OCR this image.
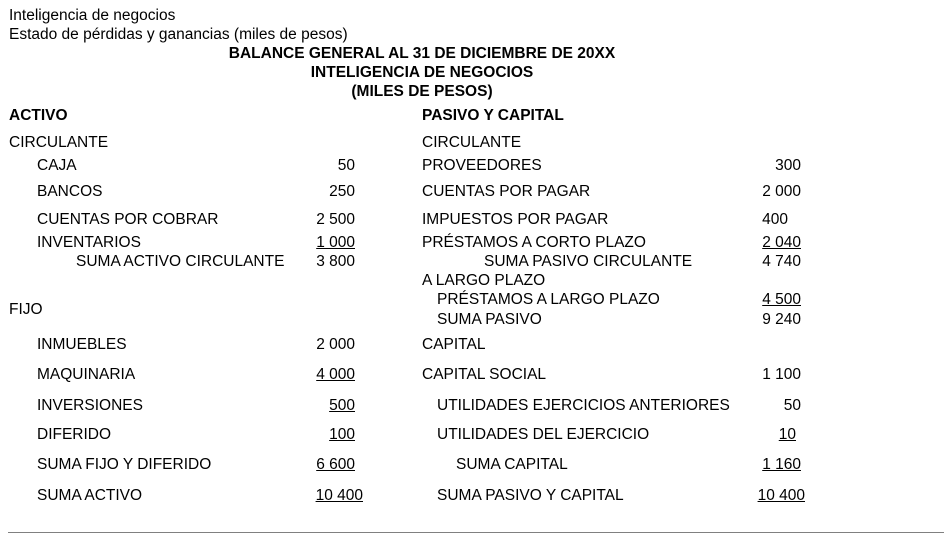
Inteligencia de negocios
Estado de pérdidas y ganancias (miles de pesos)
BALANCE GENERAL AL 31 DE DICIEMBRE DE 20XX
INTELIGENCIA DE NEGOCIOS
(MILES DE PESOS)
ACTIVO
CIRCULANTE
CAJA	50
BANCOS	250
CUENTAS POR COBRAR	2 500
INVENTARIOS	1 000
SUMA ACTIVO CIRCULANTE 3 800
FIJO
INMUEBLES	2 000
MAQUINARIA	4 000
INVERSIONES	500
DIFERIDO	100
SUMA FIJO Y DIFERIDO	6 600
SUMA ACTIVO	10 400
PASIVO Y CAPITAL
CIRCULANTE
PROVEEDORES	300
CUENTAS POR PAGAR	2 000
IMPUESTOS POR PAGAR	400
PRÉSTAMOS A CORTO PLAZO	2 040
SUMA PASIVO CIRCULANTE	4 740
A LARGO PLAZO
PRÉSTAMOS A LARGO PLAZO	4 500
SUMA PASIVO	9 240
CAPITAL
CAPITAL SOCIAL	1 100
UTILIDADES EJERCICIOS ANTERIORES	50
UTILIDADES DEL EJERCICIO	10
SUMA CAPITAL	1 160
SUMA PASIVO Y CAPITAL	10 400
